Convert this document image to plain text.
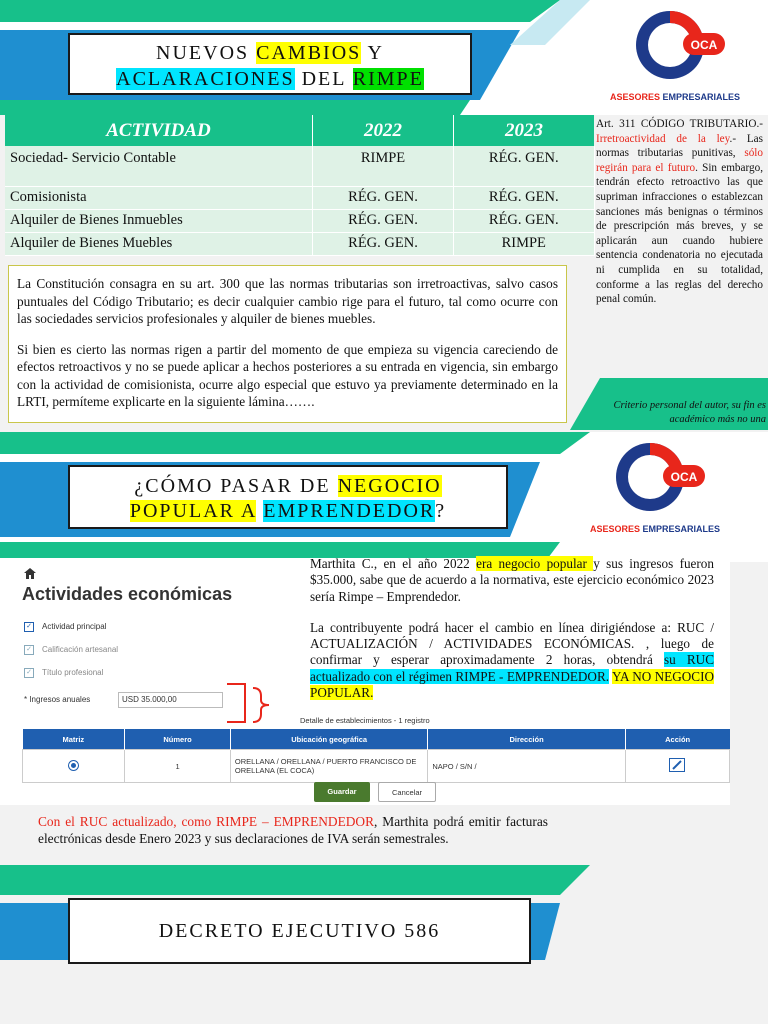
NUEVOS CAMBIOS Y
ACLARACIONES DEL RIMPE
OCA
ASESORES EMPRESARIALES
ACTIVIDAD	2022	2023
Sociedad- Servicio Contable	RIMPE	RÉG. GEN.
Comisionista	RÉG. GEN.	RÉG. GEN.
Alquiler de Bienes Inmuebles	RÉG. GEN.	RÉG. GEN.
Alquiler de Bienes Muebles	RÉG. GEN.	RIMPE
Art. 311 CÓDIGO TRIBUTARIO.- Irretroactividad de la ley.- Las normas tributarias punitivas, sólo regirán para el futuro. Sin embargo, tendrán efecto retroactivo las que supriman infracciones o establezcan sanciones más benignas o términos de prescripción más breves, y se aplicarán aun cuando hubiere sentencia condenatoria no ejecutada ni cumplida en su totalidad, conforme a las reglas del derecho penal común.
La Constitución consagra en su art. 300 que las normas tributarias son irretroactivas, salvo casos puntuales del Código Tributario; es decir cualquier cambio rige para el futuro, tal como ocurre con las sociedades servicios profesionales y alquiler de bienes muebles.
Si bien es cierto las normas rigen a partir del momento de que empieza su vigencia careciendo de efectos retroactivos y no se puede aplicar a hechos posteriores a su entrada en vigencia, sin embargo con la actividad de comisionista, ocurre algo especial que estuvo ya previamente determinado en la LRTI, permíteme explicarte en la siguiente lámina…….	Criterio personal del autor, su fin es académico más no una
¿CÓMO PASAR DE NEGOCIO
POPULAR A EMPRENDEDOR?
OCA
ASESORES EMPRESARIALES
Actividades económicas
✓ Actividad principal
✓ Calificación artesanal
✓ Título profesional
* Ingresos anuales	USD 35.000,00
Detalle de establecimientos - 1 registro
Matriz	Número	Ubicación geográfica	Dirección	Acción

	1	ORELLANA / ORELLANA / PUERTO FRANCISCO DE ORELLANA (EL COCA)	NAPO / S/N /	
Guardar	Cancelar
Marthita C., en el año 2022 era negocio popular y sus ingresos fueron $35.000, sabe que de acuerdo a la normativa, este ejercicio económico 2023 sería Rimpe – Emprendedor.
La contribuyente podrá hacer el cambio en línea dirigiéndose a: RUC / ACTUALIZACIÓN / ACTIVIDADES ECONÓMICAS. , luego de confirmar y esperar aproximadamente 2 horas, obtendrá su RUC actualizado con el régimen RIMPE - EMPRENDEDOR. YA NO NEGOCIO POPULAR.
Con el RUC actualizado, como RIMPE – EMPRENDEDOR, Marthita podrá emitir facturas electrónicas desde Enero 2023 y sus declaraciones de IVA serán semestrales.
DECRETO EJECUTIVO 586
